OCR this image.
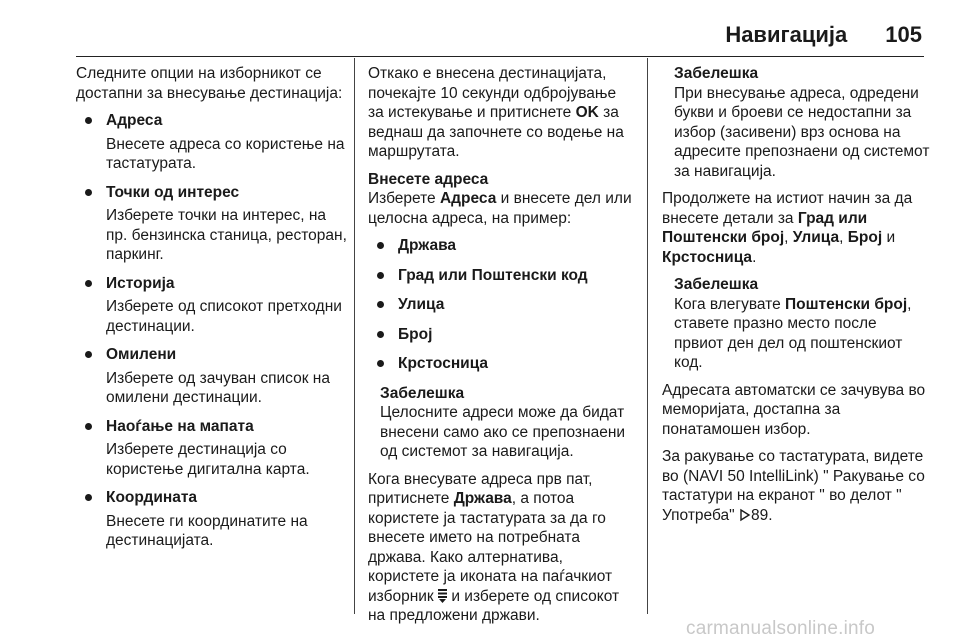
Навигација 105

Следните опции на изборникот се достапни за внесување дестинација:

Адреса
Внесете адреса со користење на тастатурата.
Точки од интерес
Изберете точки на интерес, на пр. бензинска станица, ресторан, паркинг.
Историја
Изберете од списокот претходни дестинации.
Омилени
Изберете од зачуван список на омилени дестинации.
Наоѓање на мапата
Изберете дестинација со користење дигитална карта.
Координата
Внесете ги координатите на дестинацијата.

Откако е внесена дестинацијата, почекајте 10 секунди одбројување за истекување и притиснете OK за веднаш да започнете со водење на маршрутата.

Внесете адреса

Изберете Адреса и внесете дел или целосна адреса, на пример:

Држава
Град или Поштенски код
Улица
Број
Крстосница
Забелешка
Целосните адреси може да бидат внесени само ако се препознаени од системот за навигација.

Кога внесувате адреса прв пат, притиснете Држава, а потоа користете ја тастатурата за да го внесете името на потребната држава. Како алтернатива, користете ја иконата на паѓачкиот изборник  и изберете од списокот на предложени држави.

Забелешка
При внесување адреса, одредени букви и броеви се недостапни за избор (засивени) врз основа на адресите препознаени од системот за навигација.

Продолжете на истиот начин за да внесете детали за Град или Поштенски број, Улица, Број и Крстосница.

Забелешка
Кога влегувате Поштенски број, ставете празно место после првиот ден дел од поштенскиот код.

Адресата автоматски се зачувува во меморијата, достапна за понатамошен избор.

За ракување со тастатурата, видете во (NAVI 50 IntelliLink) " Ракување со тастатури на екранот " во делот " Употреба" 89.

carmanualsonline.info
